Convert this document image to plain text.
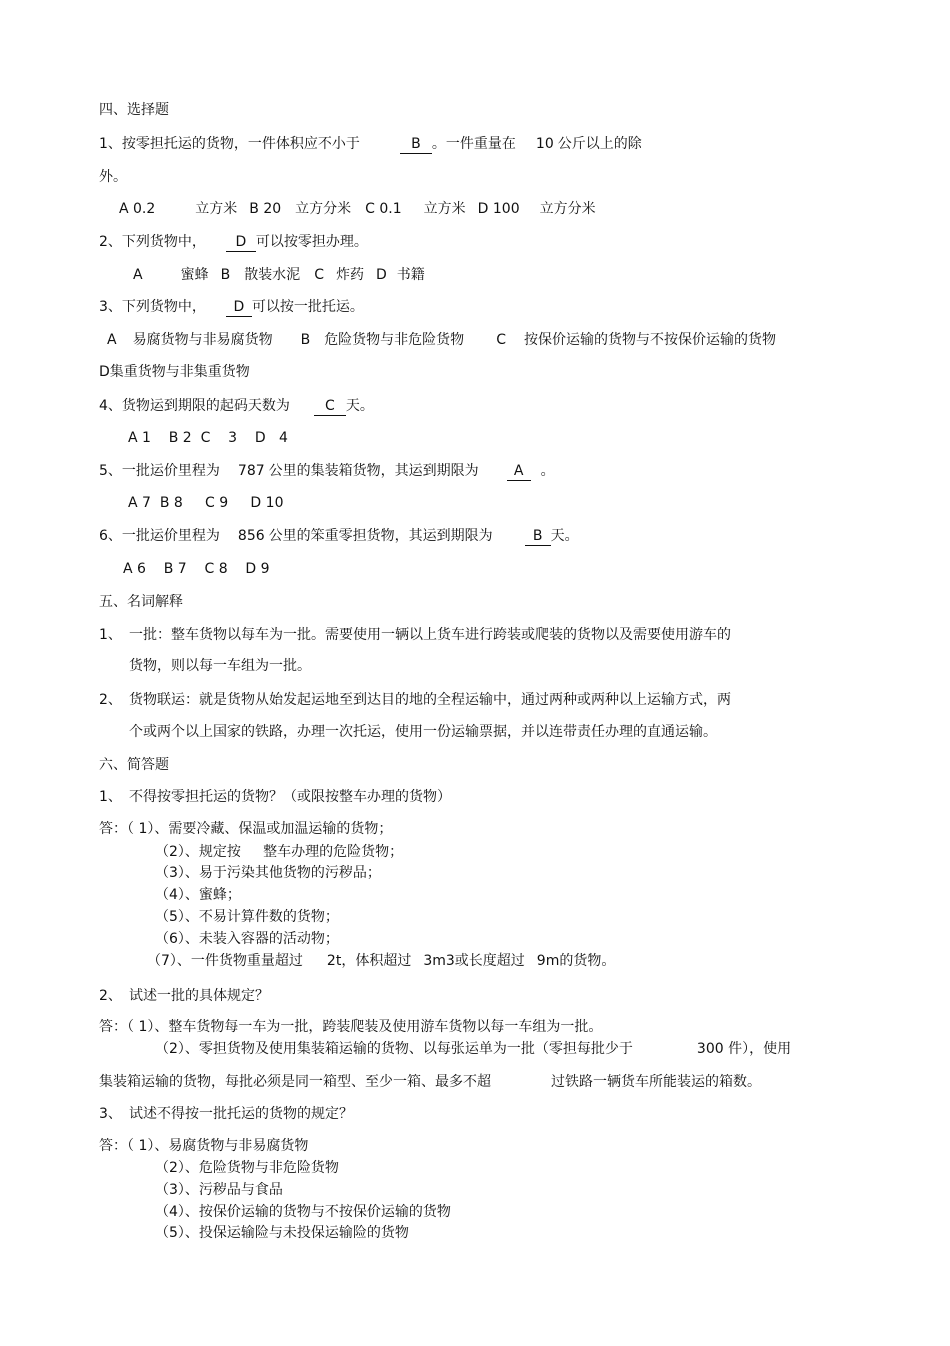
四、选择题
1、按零担托运的货物，一件体积应不小于	B 。一件重量在 10 公斤以上的除
外。
A 0.2	立方米 B 20 立方分米 C 0.1 立方米 D 100 立方分米
2、下列货物中， D 可以按零担办理。
A	蜜蜂 B 散装水泥 C 炸药 D 书籍
3、下列货物中， D 可以按一批托运。
A 易腐货物与非易腐货物 B 危险货物与非危险货物 C 按保价运输的货物与不按保价运输的货物
D集重货物与非集重货物
4、货物运到期限的起码天数为	C 天。
A 1    B 2  C    3    D   4
5、一批运价里程为 787 公里的集装箱货物，其运到期限为	A 。
A 7  B 8     C 9     D 10
6、一批运价里程为 856 公里的笨重零担货物，其运到期限为	B 天。
A 6    B 7    C 8    D 9
五、名词解释
1、 一批：整车货物以每车为一批。需要使用一辆以上货车进行跨装或爬装的货物以及需要使用游车的
货物，则以每一车组为一批。
2、 货物联运：就是货物从始发起运地至到达目的地的全程运输中，通过两种或两种以上运输方式，两
个或两个以上国家的铁路，办理一次托运，使用一份运输票据，并以连带责任办理的直通运输。
六、简答题
1、 不得按零担托运的货物？（或限按整车办理的货物）
答：（ 1）、需要冷藏、保温或加温运输的货物；
（2）、规定按     整车办理的危险货物；
（3）、易于污染其他货物的污秽品；
（4）、蜜蜂；
（5）、不易计算件数的货物；
（6）、未装入容器的活动物；
（7）、一件货物重量超过 2t，体积超过 3m3或长度超过 9m的货物。
2、 试述一批的具体规定？
答：（ 1）、整车货物每一车为一批，跨装爬装及使用游车货物以每一车组为一批。
（2）、零担货物及使用集装箱运输的货物、以每张运单为一批（零担每批少于	300 件），使用
集装箱运输的货物，每批必须是同一箱型、至少一箱、最多不超	过铁路一辆货车所能装运的箱数。
3、 试述不得按一批托运的货物的规定？
答：（ 1）、易腐货物与非易腐货物
（2）、危险货物与非危险货物
（3）、污秽品与食品
（4）、按保价运输的货物与不按保价运输的货物
（5）、投保运输险与未投保运输险的货物
